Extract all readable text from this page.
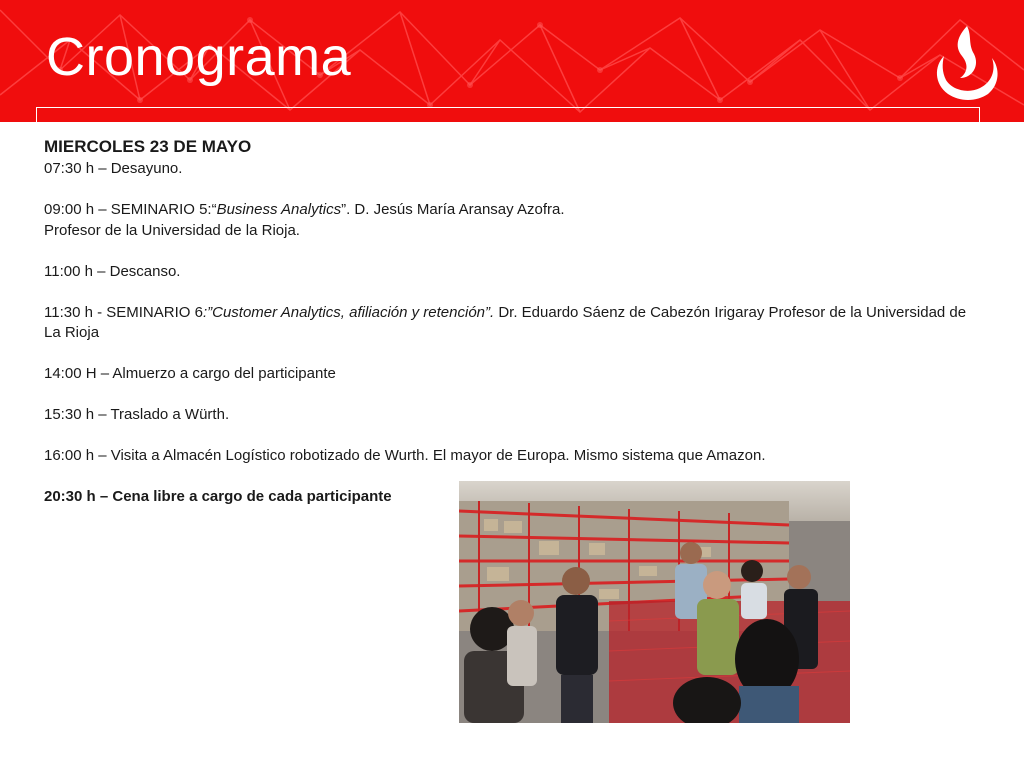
Cronograma

MIERCOLES 23 DE MAYO

07:30 h – Desayuno.

09:00 h – SEMINARIO 5:“Business Analytics”. D. Jesús María Aransay Azofra.

Profesor de la Universidad de la Rioja.

11:00 h – Descanso.

11:30 h - SEMINARIO 6:”Customer Analytics, afiliación y retención”. Dr. Eduardo Sáenz de Cabezón Irigaray Profesor de la Universidad de La Rioja

14:00 H – Almuerzo a cargo del participante

15:30 h – Traslado a Würth.

16:00 h – Visita a Almacén Logístico robotizado de Wurth. El mayor de Europa. Mismo sistema que Amazon.

20:30 h – Cena libre a cargo de cada participante
